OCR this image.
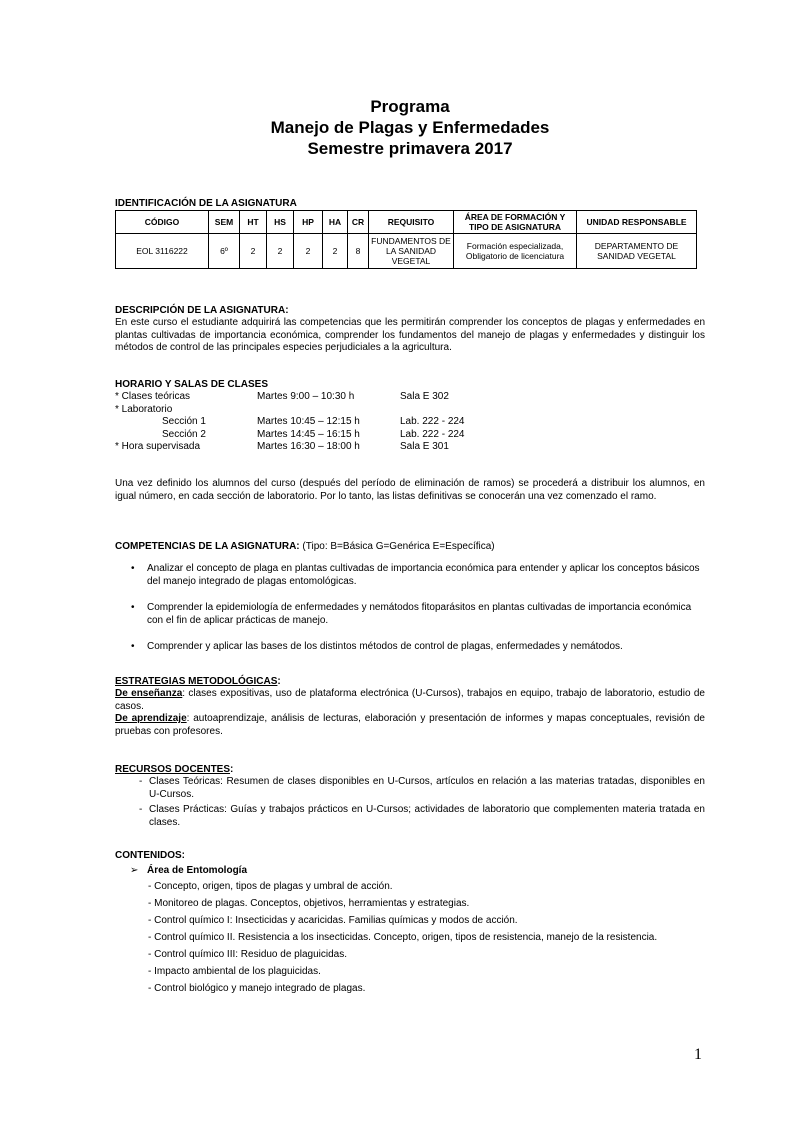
Programa
Manejo de Plagas y Enfermedades
Semestre primavera 2017
IDENTIFICACIÓN DE LA ASIGNATURA
CÓDIGO	SEM	HT	HS	HP	HA	CR	REQUISITO	ÁREA DE FORMACIÓN Y TIPO DE ASIGNATURA	UNIDAD RESPONSABLE
EOL 3116222	6º	2	2	2	2	8	FUNDAMENTOS DE LA SANIDAD VEGETAL	Formación especializada, Obligatorio de licenciatura	DEPARTAMENTO DE SANIDAD VEGETAL
DESCRIPCIÓN DE LA ASIGNATURA:
En este curso el estudiante adquirirá las competencias que les permitirán comprender los conceptos de plagas y enfermedades en plantas cultivadas de importancia económica, comprender los fundamentos del manejo de plagas y enfermedades y distinguir los métodos de control de las principales especies perjudiciales a la agricultura.
HORARIO Y SALAS DE CLASES
* Clases teóricas	Martes 9:00 – 10:30 h	Sala E 302
* Laboratorio
Sección 1	Martes 10:45 – 12:15 h	Lab. 222 - 224
Sección 2	Martes 14:45 – 16:15 h	Lab. 222 - 224
* Hora supervisada	Martes 16:30 – 18:00 h	Sala E 301
Una vez definido los alumnos del curso (después del período de eliminación de ramos) se procederá a distribuir los alumnos, en igual número, en cada sección de laboratorio. Por lo tanto, las listas definitivas se conocerán una vez comenzado el ramo.
COMPETENCIAS DE LA ASIGNATURA: (Tipo: B=Básica G=Genérica E=Específica)
• Analizar el concepto de plaga en plantas cultivadas de importancia económica para entender y aplicar los conceptos básicos del manejo integrado de plagas entomológicas.
• Comprender la epidemiología de enfermedades y nemátodos fitoparásitos en plantas cultivadas de importancia económica con el fin de aplicar prácticas de manejo.
• Comprender y aplicar las bases de los distintos métodos de control de plagas, enfermedades y nemátodos.
ESTRATEGIAS METODOLÓGICAS:
De enseñanza: clases expositivas, uso de plataforma electrónica (U-Cursos), trabajos en equipo, trabajo de laboratorio, estudio de casos.
De aprendizaje: autoaprendizaje, análisis de lecturas, elaboración y presentación de informes y mapas conceptuales, revisión de pruebas con profesores.
RECURSOS DOCENTES:
- Clases Teóricas: Resumen de clases disponibles en U-Cursos, artículos en relación a las materias tratadas, disponibles en U-Cursos.
- Clases Prácticas: Guías y trabajos prácticos en U-Cursos; actividades de laboratorio que complementen materia tratada en clases.
CONTENIDOS:
➢ Área de Entomología
- Concepto, origen, tipos de plagas y umbral de acción.
- Monitoreo de plagas. Conceptos, objetivos, herramientas y estrategias.
- Control químico I: Insecticidas y acaricidas. Familias químicas y modos de acción.
- Control químico II. Resistencia a los insecticidas. Concepto, origen, tipos de resistencia, manejo de la resistencia.
- Control químico III: Residuo de plaguicidas.
- Impacto ambiental de los plaguicidas.
- Control biológico y manejo integrado de plagas.
1
